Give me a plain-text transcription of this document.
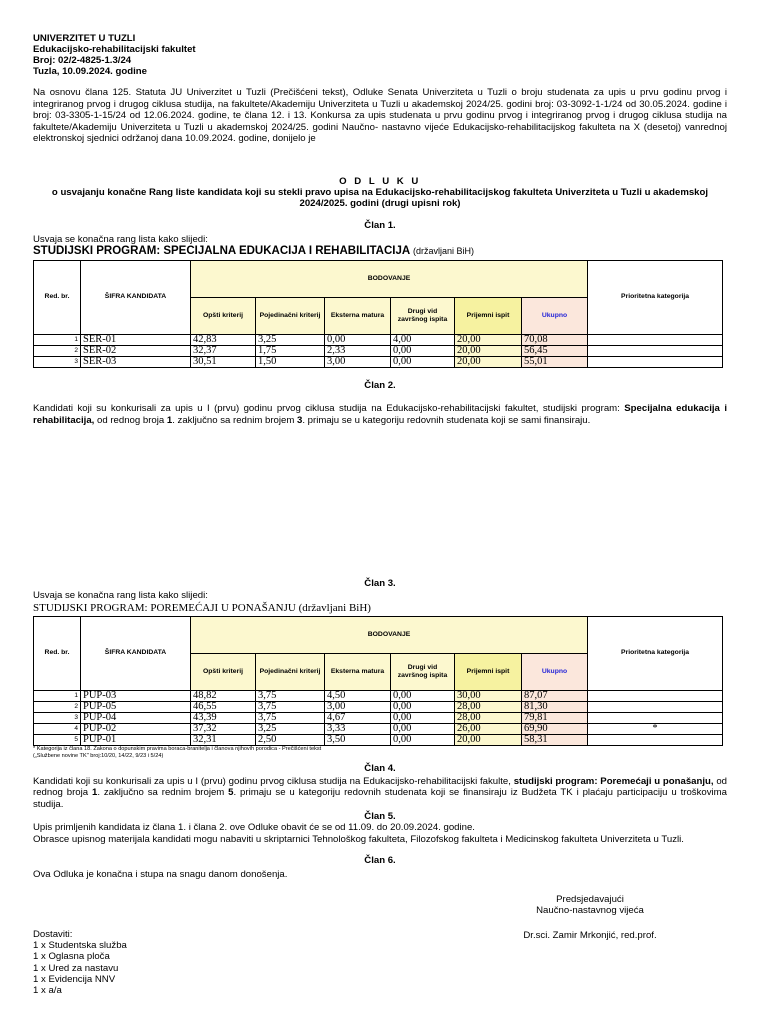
UNIVERZITET U TUZLI
Edukacijsko-rehabilitacijski fakultet
Broj: 02/2-4825-1.3/24
Tuzla, 10.09.2024. godine
Na osnovu člana 125. Statuta JU Univerzitet u Tuzli (Prečišćeni tekst), Odluke Senata Univerziteta u Tuzli o broju studenata za upis u prvu godinu prvog i integriranog prvog i drugog ciklusa studija, na fakultete/Akademiju Univerziteta u Tuzli u akademskoj 2024/25. godini broj: 03-3092-1-1/24 od 30.05.2024. godine i broj: 03-3305-1-15/24 od 12.06.2024. godine, te člana 12. i 13. Konkursa za upis studenata u prvu godinu prvog i integriranog prvog i drugog ciklusa studija na fakultete/Akademiju Univerziteta u Tuzli u akademskoj 2024/25. godini Naučno- nastavno vijeće Edukacijsko-rehabilitacijskog fakulteta na X (desetoj) vanrednoj elektronskoj sjednici održanoj dana 10.09.2024. godine, donijelo je
O D L U K U
o usvajanju konačne Rang liste kandidata koji su stekli pravo upisa na Edukacijsko-rehabilitacijskog fakulteta Univerziteta u Tuzli u akademskoj 2024/2025. godini (drugi upisni rok)
Član 1.
Usvaja se konačna rang lista kako slijedi:
STUDIJSKI PROGRAM: SPECIJALNA EDUKACIJA I REHABILITACIJA (državljani BiH)
Red. br.	ŠIFRA KANDIDATA	BODOVANJE						Prioritetna kategorija
		Opšti kriterij	Pojedinačni kriterij	Eksterna matura	Drugi vid završnog ispita	Prijemni ispit	Ukupno	
1	SER-01	42,83	3,25	0,00	4,00	20,00	70,08	
2	SER-02	32,37	1,75	2,33	0,00	20,00	56,45	
3	SER-03	30,51	1,50	3,00	0,00	20,00	55,01	
Član 2.
Kandidati koji su konkurisali za upis u I (prvu) godinu prvog ciklusa studija na Edukacijsko-rehabilitacijski fakultet, studijski program: Specijalna edukacija i rehabilitacija, od rednog broja 1. zaključno sa rednim brojem 3. primaju se u kategoriju redovnih studenata koji se sami finansiraju.
Član 3.
Usvaja se konačna rang lista kako slijedi:
STUDIJSKI PROGRAM: POREMEĆAJI U PONAŠANJU (državljani BiH)
Red. br.	ŠIFRA KANDIDATA	BODOVANJE						Prioritetna kategorija
		Opšti kriterij	Pojedinačni kriterij	Eksterna matura	Drugi vid završnog ispita	Prijemni ispit	Ukupno	
1	PUP-03	48,82	3,75	4,50	0,00	30,00	87,07	
2	PUP-05	46,55	3,75	3,00	0,00	28,00	81,30	
3	PUP-04	43,39	3,75	4,67	0,00	28,00	79,81	
4	PUP-02	37,32	3,25	3,33	0,00	26,00	69,90	*
5	PUP-01	32,31	2,50	3,50	0,00	20,00	58,31	
* Kategorija iz člana 18. Zakona o dopunskim pravima boraca-branitelja i članova njihovih porodica - Prečišćeni tekst
(„Službene novine TK" broj:10/20, 14/22, 9/23 i 5/24)
Član 4.
Kandidati koji su konkurisali za upis u I (prvu) godinu prvog ciklusa studija na Edukacijsko-rehabilitacijski fakulte, studijski program: Poremećaji u ponašanju, od rednog broja 1. zaključno sa rednim brojem 5. primaju se u kategoriju redovnih studenata koji se finansiraju iz Budžeta TK i plaćaju participaciju u troškovima studija.
Član 5.
Upis primljenih kandidata iz člana 1. i člana 2. ove Odluke obavit će se od 11.09. do 20.09.2024. godine.
Obrasce upisnog materijala kandidati mogu nabaviti u skriptarnici Tehnološkog fakulteta, Filozofskog fakulteta i Medicinskog fakulteta Univerziteta u Tuzli.
Član 6.
Ova Odluka je konačna i stupa na snagu danom donošenja.
Dostaviti:
1 x Studentska služba
1 x Oglasna ploča
1 x Ured za nastavu
1 x Evidencija NNV
1 x a/a
Predsjedavajući
Naučno-nastavnog vijeća
Dr.sci. Zamir Mrkonjić, red.prof.
